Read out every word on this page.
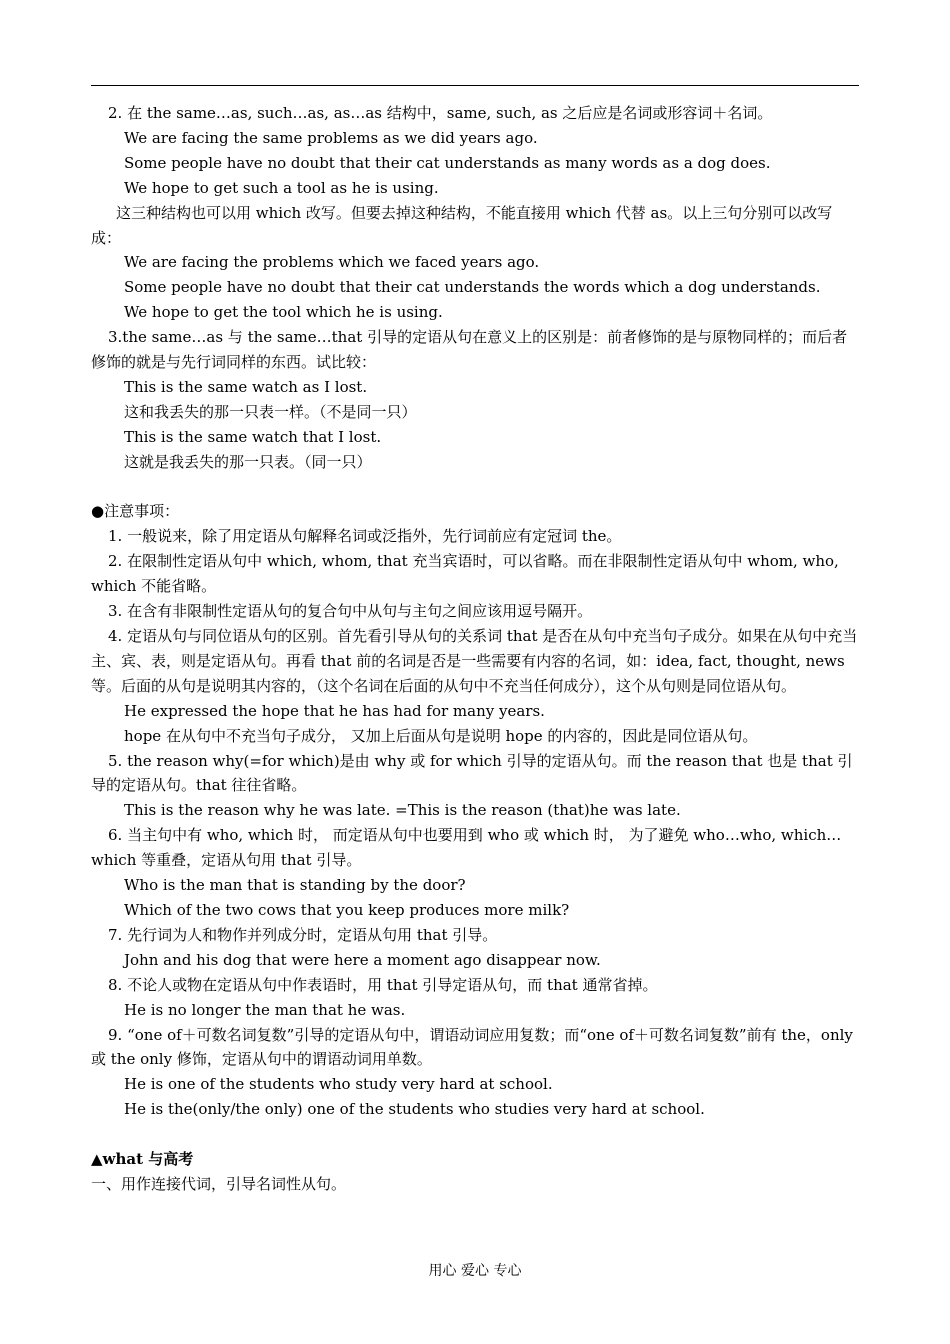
2. 在 the same…as, such…as, as…as 结构中，same, such, as 之后应是名词或形容词＋名词。

We are facing the same problems as we did years ago.

Some people have no doubt that their cat understands as many words as a dog does.

We hope to get such a tool as he is using.

这三种结构也可以用 which 改写。但要去掉这种结构，不能直接用 which 代替 as。以上三句分别可以改写成：

We are facing the problems which we faced years ago.

Some people have no doubt that their cat understands the words which a dog understands.

We hope to get the tool which he is using.

3.the same…as 与 the same…that 引导的定语从句在意义上的区别是：前者修饰的是与原物同样的；而后者修饰的就是与先行词同样的东西。试比较：

This is the same watch as I lost.

这和我丢失的那一只表一样。（不是同一只）

This is the same watch that I lost.

这就是我丢失的那一只表。（同一只）

●注意事项：

1. 一般说来，除了用定语从句解释名词或泛指外，先行词前应有定冠词 the。

2. 在限制性定语从句中 which, whom, that 充当宾语时，可以省略。而在非限制性定语从句中 whom, who, which 不能省略。

3. 在含有非限制性定语从句的复合句中从句与主句之间应该用逗号隔开。

4. 定语从句与同位语从句的区别。首先看引导从句的关系词 that 是否在从句中充当句子成分。如果在从句中充当主、宾、表，则是定语从句。再看 that 前的名词是否是一些需要有内容的名词，如：idea, fact, thought, news 等。后面的从句是说明其内容的，（这个名词在后面的从句中不充当任何成分），这个从句则是同位语从句。

He expressed the hope that he has had for many years.

hope 在从句中不充当句子成分， 又加上后面从句是说明 hope 的内容的，因此是同位语从句。

5. the reason why(=for which)是由 why 或 for which 引导的定语从句。而 the reason that 也是 that 引导的定语从句。that 往往省略。

This is the reason why he was late. =This is the reason (that)he was late.

6. 当主句中有 who, which 时， 而定语从句中也要用到 who 或 which 时， 为了避免 who…who, which…which 等重叠，定语从句用 that 引导。

Who is the man that is standing by the door?

Which of the two cows that you keep produces more milk?

7. 先行词为人和物作并列成分时，定语从句用 that 引导。

John and his dog that were here a moment ago disappear now.

8. 不论人或物在定语从句中作表语时，用 that 引导定语从句，而 that 通常省掉。

He is no longer the man that he was.

9. “one of＋可数名词复数”引导的定语从句中，谓语动词应用复数；而“one of＋可数名词复数”前有 the，only 或 the only 修饰，定语从句中的谓语动词用单数。

He is one of the students who study very hard at school.

He is the(only/the only) one of the students who studies very hard at school.

▲what 与高考

一、用作连接代词，引导名词性从句。

用心 爱心 专心
